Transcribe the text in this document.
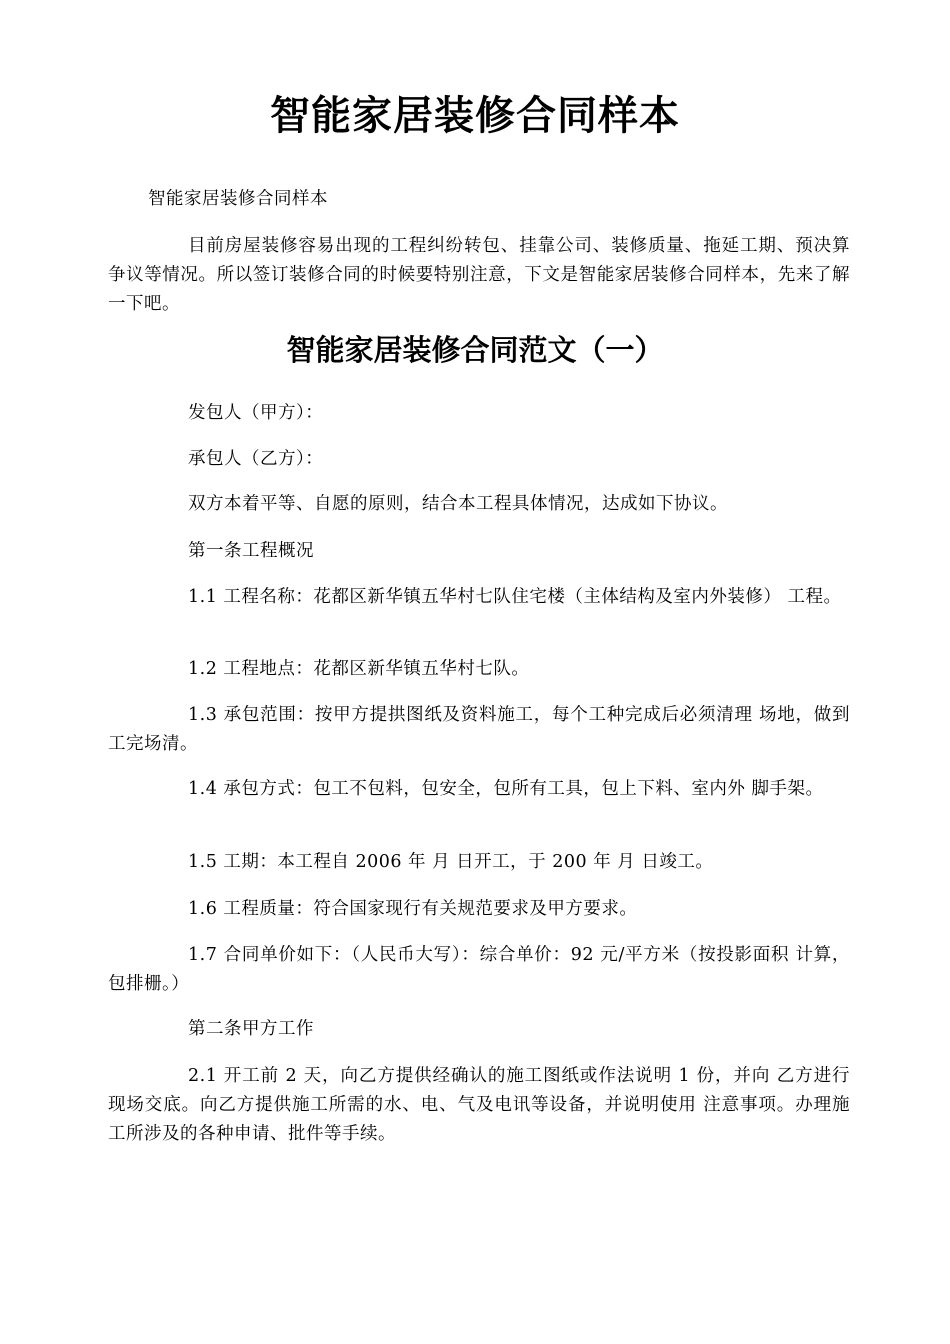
智能家居装修合同样本

智能家居装修合同样本

目前房屋装修容易出现的工程纠纷转包、挂靠公司、装修质量、拖延工期、预决算争议等情况。所以签订装修合同的时候要特别注意，下文是智能家居装修合同样本，先来了解一下吧。

智能家居装修合同范文（一）

发包人（甲方）：

承包人（乙方）：

双方本着平等、自愿的原则，结合本工程具体情况，达成如下协议。

第一条工程概况

1.1 工程名称：花都区新华镇五华村七队住宅楼（主体结构及室内外装修） 工程。

1.2 工程地点：花都区新华镇五华村七队。

1.3 承包范围：按甲方提拱图纸及资料施工，每个工种完成后必须清理 场地，做到工完场清。

1.4 承包方式：包工不包料，包安全，包所有工具，包上下料、室内外 脚手架。

1.5 工期：本工程自 2006 年 月 日开工，于 200 年 月 日竣工。

1.6 工程质量：符合国家现行有关规范要求及甲方要求。

1.7 合同单价如下：（人民币大写）：综合单价：92 元/平方米（按投影面积 计算，包排栅。）

第二条甲方工作

2.1 开工前 2 天，向乙方提供经确认的施工图纸或作法说明 1 份，并向 乙方进行现场交底。向乙方提供施工所需的水、电、气及电讯等设备，并说明使用 注意事项。办理施工所涉及的各种申请、批件等手续。
